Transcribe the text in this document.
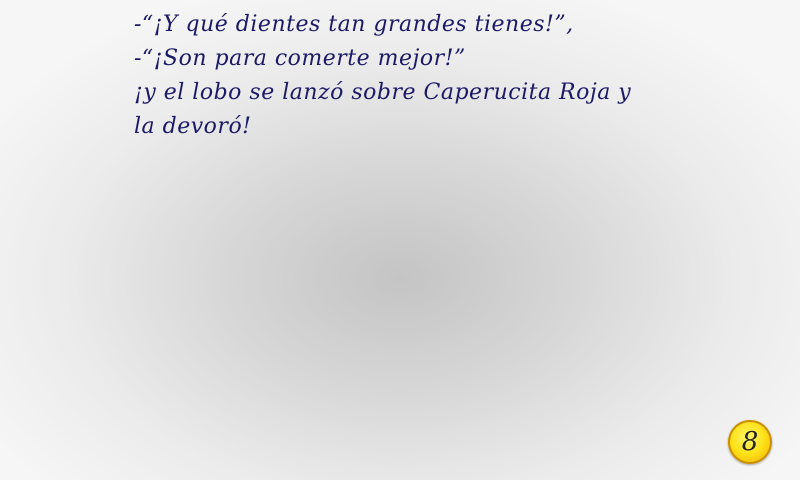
-“¡Y qué dientes tan grandes tienes!”,
-“¡Son para comerte mejor!”
¡y el lobo se lanzó sobre Caperucita Roja y
la devoró!
8
